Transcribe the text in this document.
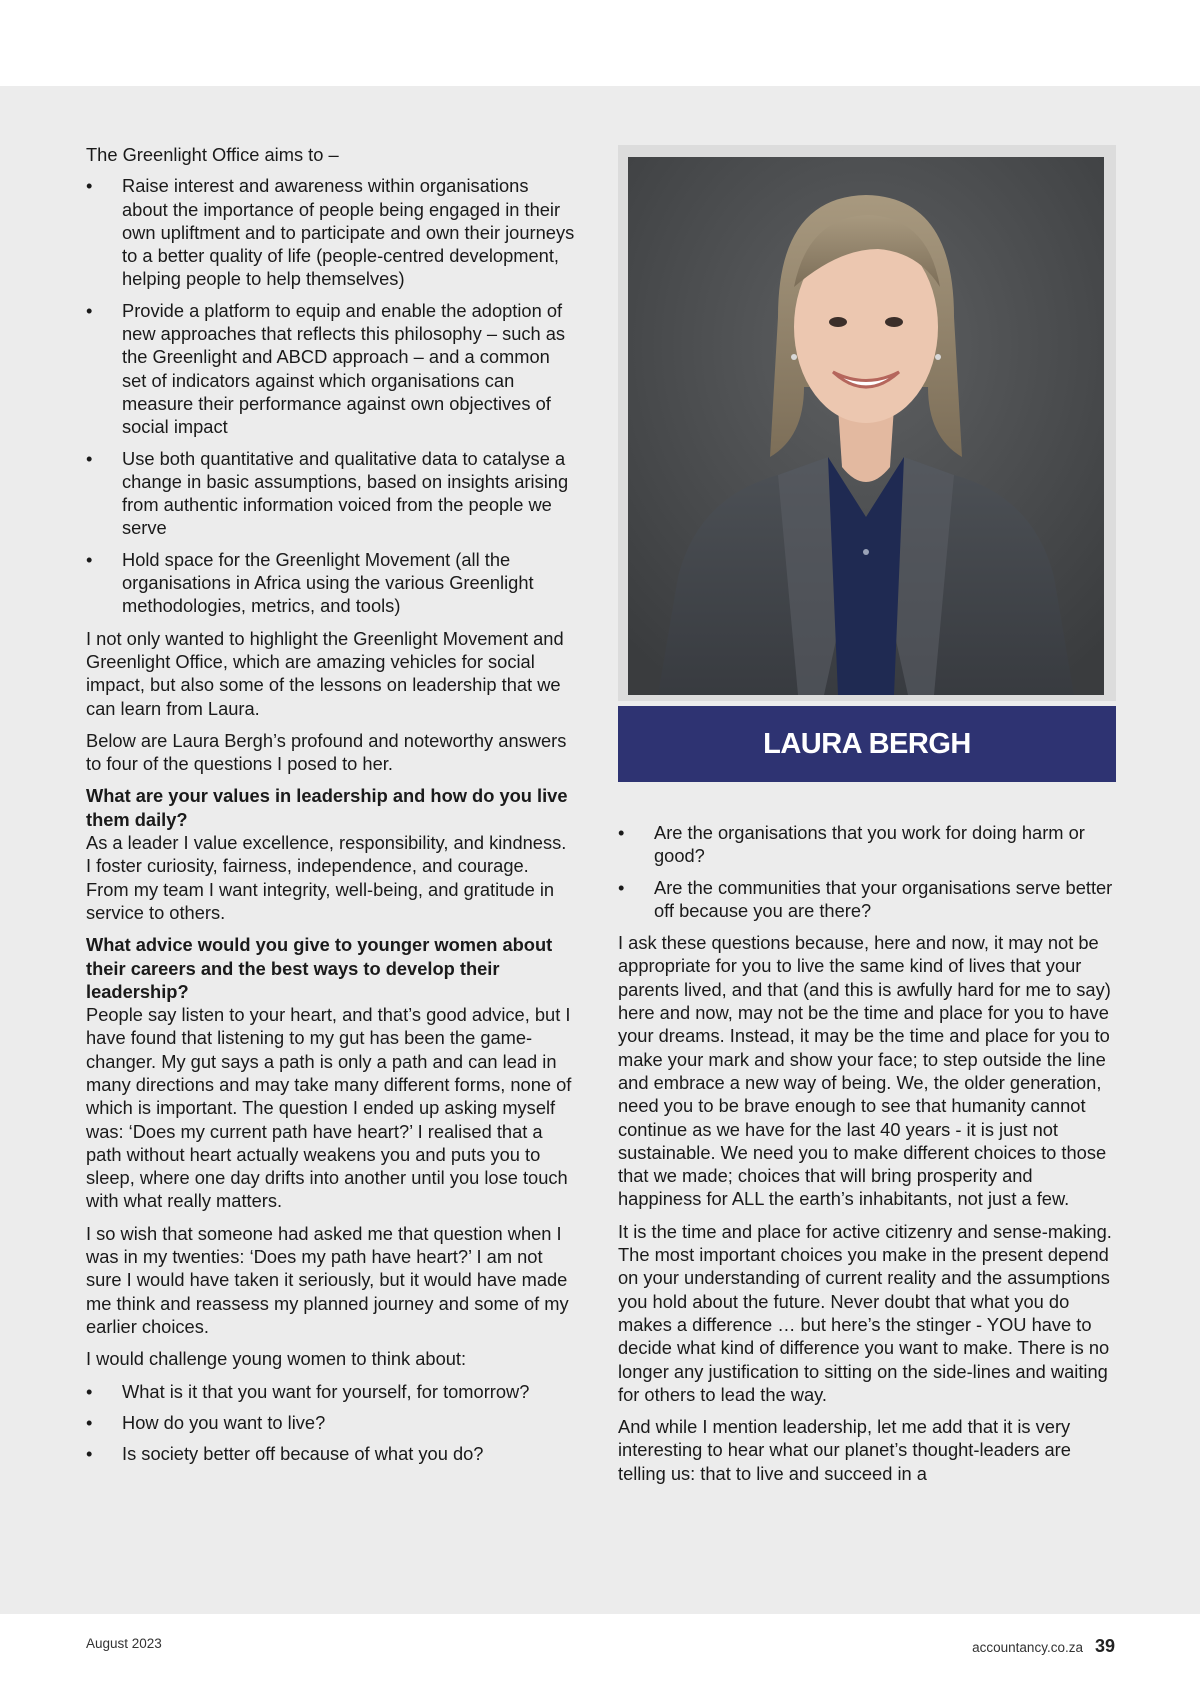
The Greenlight Office aims to –

• Raise interest and awareness within organisations about the importance of people being engaged in their own upliftment and to participate and own their journeys to a better quality of life (people-centred development, helping people to help themselves)
• Provide a platform to equip and enable the adoption of new approaches that reflects this philosophy – such as the Greenlight and ABCD approach – and a common set of indicators against which organisations can measure their performance against own objectives of social impact
• Use both quantitative and qualitative data to catalyse a change in basic assumptions, based on insights arising from authentic information voiced from the people we serve
• Hold space for the Greenlight Movement (all the organisations in Africa using the various Greenlight methodologies, metrics, and tools)

I not only wanted to highlight the Greenlight Movement and Greenlight Office, which are amazing vehicles for social impact, but also some of the lessons on leadership that we can learn from Laura.

Below are Laura Bergh’s profound and noteworthy answers to four of the questions I posed to her.

What are your values in leadership and how do you live them daily?
As a leader I value excellence, responsibility, and kindness. I foster curiosity, fairness, independence, and courage. From my team I want integrity, well-being, and gratitude in service to others.
What advice would you give to younger women about their careers and the best ways to develop their leadership?
People say listen to your heart, and that’s good advice, but I have found that listening to my gut has been the game-changer. My gut says a path is only a path and can lead in many directions and may take many different forms, none of which is important. The question I ended up asking myself was: ‘Does my current path have heart?’ I realised that a path without heart actually weakens you and puts you to sleep, where one day drifts into another until you lose touch with what really matters.

I so wish that someone had asked me that question when I was in my twenties: ‘Does my path have heart?’ I am not sure I would have taken it seriously, but it would have made me think and reassess my planned journey and some of my earlier choices.

I would challenge young women to think about:

• What is it that you want for yourself, for tomorrow?
• How do you want to live?
• Is society better off because of what you do?
LAURA BERGH
• Are the organisations that you work for doing harm or good?
• Are the communities that your organisations serve better off because you are there?

I ask these questions because, here and now, it may not be appropriate for you to live the same kind of lives that your parents lived, and that (and this is awfully hard for me to say) here and now, may not be the time and place for you to have your dreams. Instead, it may be the time and place for you to make your mark and show your face; to step outside the line and embrace a new way of being. We, the older generation, need you to be brave enough to see that humanity cannot continue as we have for the last 40 years - it is just not sustainable. We need you to make different choices to those that we made; choices that will bring prosperity and happiness for ALL the earth’s inhabitants, not just a few.

It is the time and place for active citizenry and sense-making. The most important choices you make in the present depend on your understanding of current reality and the assumptions you hold about the future. Never doubt that what you do makes a difference … but here’s the stinger - YOU have to decide what kind of difference you want to make. There is no longer any justification to sitting on the side-lines and waiting for others to lead the way.

And while I mention leadership, let me add that it is very interesting to hear what our planet’s thought-leaders are telling us: that to live and succeed in a

August 2023	accountancy.co.za 39
